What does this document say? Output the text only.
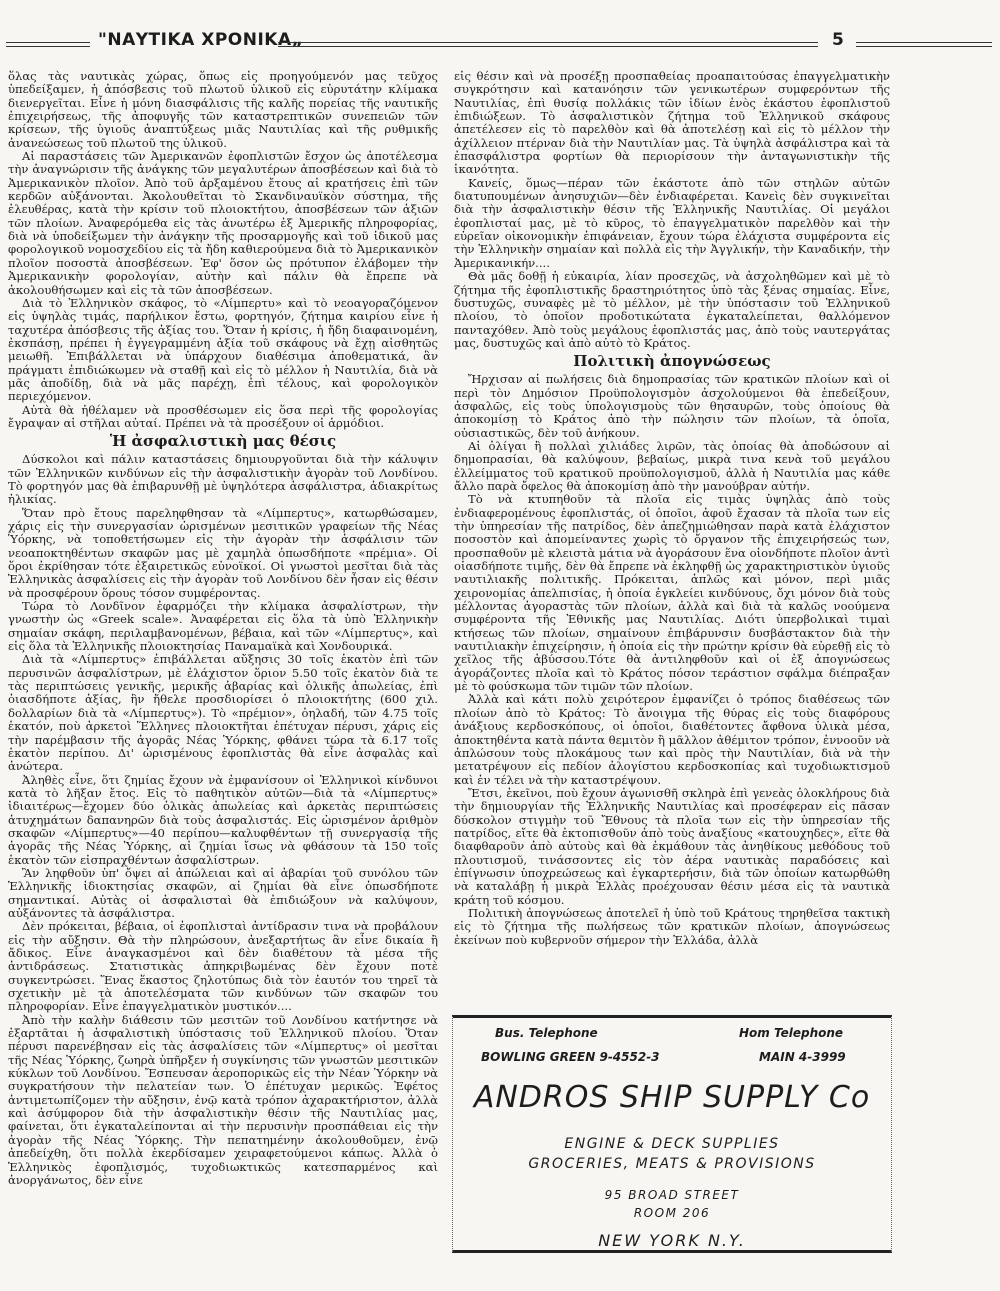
"ΝΑΥΤΙΚΑ ΧΡΟΝΙΚΑ„	5

ὅλας τὰς ναυτικὰς χώρας, ὅπως εἰς προηγούμενόν μας τεῦχος ὑπεδείξαμεν, ἡ ἀπόσβεσις τοῦ πλωτοῦ ὑλικοῦ εἰς εὐρυτάτην κλίμακα διενεργεῖται. Εἶνε ἡ μόνη διασφάλισις τῆς καλῆς πορείας τῆς ναυτικῆς ἐπιχειρήσεως, τῆς ἀποφυγῆς τῶν καταστρεπτικῶν συνεπειῶν τῶν κρίσεων, τῆς ὑγιοῦς ἀναπτύξεως μιᾶς Ναυτιλίας καὶ τῆς ρυθμικῆς ἀνανεώσεως τοῦ πλωτοῦ της ὑλικοῦ.

Αἱ παραστάσεις τῶν Ἀμερικανῶν ἐφοπλιστῶν ἔσχον ὡς ἀποτέλεσμα τὴν ἀναγνώρισιν τῆς ἀνάγκης τῶν μεγαλυτέρων ἀποσβέσεων καὶ διὰ τὸ Ἀμερικανικὸν πλοῖον. Ἀπὸ τοῦ ἀρξαμένου ἔτους αἱ κρατήσεις ἐπὶ τῶν κερδῶν αὐξάνονται. Ἀκολουθεῖται τὸ Σκανδιναυϊκὸν σύστημα, τῆς ἐλευθέρας, κατὰ τὴν κρίσιν τοῦ πλοιοκτήτου, ἀποσβέσεων τῶν ἀξιῶν τῶν πλοίων. Ἀναφερόμεθα εἰς τὰς ἀνωτέρω ἐξ Ἀμερικῆς πληροφορίας, διὰ νὰ ὑποδείξωμεν τὴν ἀνάγκην τῆς προσαρμογῆς καὶ τοῦ ἰδικοῦ μας φορολογικοῦ νομοσχεδίου εἰς τὰ ἤδη καθιερούμενα διὰ τὸ Ἀμερικανικὸν πλοῖον ποσοστὰ ἀποσβέσεων. Ἐφ' ὅσον ὡς πρότυπον ἐλάβομεν τὴν Ἀμερικανικὴν φορολογίαν, αὐτὴν καὶ πάλιν θὰ ἔπρεπε νὰ ἀκολουθήσωμεν καὶ εἰς τὰ τῶν ἀποσβέσεων.

Διὰ τὸ Ἑλληνικὸν σκάφος, τὸ «Λίμπερτυ» καὶ τὸ νεοαγοραζόμενον εἰς ὑψηλὰς τιμάς, παρήλικον ἔστω, φορτηγόν, ζήτημα καιρίου εἶνε ἡ ταχυτέρα ἀπόσβεσις τῆς ἀξίας του. Ὅταν ἡ κρίσις, ἡ ἤδη διαφαινομένη, ἐκσπάσῃ, πρέπει ἡ ἐγγεγραμμένη ἀξία τοῦ σκάφους νὰ ἔχῃ αἰσθητῶς μειωθῆ. Ἐπιβάλλεται νὰ ὑπάρχουν διαθέσιμα ἀποθεματικά, ἂν πράγματι ἐπιδιώκωμεν νὰ σταθῇ καὶ εἰς τὸ μέλλον ἡ Ναυτιλία, διὰ νὰ μᾶς ἀποδίδῃ, διὰ νὰ μᾶς παρέχῃ, ἐπὶ τέλους, καὶ φορολογικὸν περιεχόμενον.

Αὐτὰ θὰ ἠθέλαμεν νὰ προσθέσωμεν εἰς ὅσα περὶ τῆς φορολογίας ἔγραψαν αἱ στῆλαι αὐταί. Πρέπει νὰ τὰ προσέξουν οἱ ἁρμόδιοι.

Ἡ ἀσφαλιστικὴ μας θέσις

Δύσκολοι καὶ πάλιν καταστάσεις δημιουργοῦνται διὰ τὴν κάλυψιν τῶν Ἑλληνικῶν κινδύνων εἰς τὴν ἀσφαλιστικὴν ἀγορὰν τοῦ Λονδίνου. Τὸ φορτηγόν μας θὰ ἐπιβαρυνθῇ μὲ ὑψηλότερα ἀσφάλιστρα, ἀδιακρίτως ἡλικίας.

Ὅταν πρὸ ἔτους παρεληφθησαν τὰ «Λίμπερτυς», κατωρθώσαμεν, χάρις εἰς τὴν συνεργασίαν ὡρισμένων μεσιτικῶν γραφείων τῆς Νέας Ὑόρκης, νὰ τοποθετήσωμεν εἰς τὴν ἀγορὰν τὴν ἀσφάλισιν τῶν νεοαποκτηθέντων σκαφῶν μας μὲ χαμηλὰ ὁπωσδήποτε «πρέμια». Οἱ ὅροι ἐκρίθησαν τότε ἐξαιρετικῶς εὐνοϊκοί. Οἱ γνωστοὶ μεσῖται διὰ τὰς Ἑλληνικὰς ἀσφαλίσεις εἰς τὴν ἀγορὰν τοῦ Λονδίνου δὲν ἦσαν εἰς θέσιν νὰ προσφέρουν ὅρους τόσον συμφέροντας.

Τώρα τὸ Λονδῖνον ἐφαρμόζει τὴν κλίμακα ἀσφαλίστρων, τὴν γνωστὴν ὡς «Greek scale». Ἀναφέρεται εἰς ὅλα τὰ ὑπὸ Ἑλληνικὴν σημαίαν σκάφη, περιλαμβανομένων, βέβαια, καὶ τῶν «Λίμπερτυς», καὶ εἰς ὅλα τὰ Ἑλληνικῆς πλοιοκτησίας Παναμαϊκὰ καὶ Χονδουρικά.

Διὰ τὰ «Λίμπερτυς» ἐπιβάλλεται αὔξησις 30 τοῖς ἑκατὸν ἐπὶ τῶν περυσινῶν ἀσφαλίστρων, μὲ ἐλάχιστον ὅριον 5.50 τοῖς ἑκατὸν διὰ τε τὰς περιπτώσεις γενικῆς, μερικῆς ἀβαρίας καὶ ὁλικῆς ἀπωλείας, ἐπὶ ὁιασδήποτε ἀξίας, ἣν ἤθελε προσδιορίσει ὁ πλοιοκτήτης (600 χιλ. δολλαρίων διὰ τὰ «Λίμπερτυς»). Τὸ «πρέμιον», ὁηλαδή, τῶν 4.75 τοῖς ἑκατόν, ποὺ ἀρκετοὶ Ἕλληνες πλοιοκτῆται ἐπέτυχαν πέρυσι, χάρις εἰς τὴν παρέμβασιν τῆς ἀγορᾶς Νέας Ὑόρκης, φθάνει τώρα τὰ 6.17 τοῖς ἑκατὸν περίπου. Δι' ὡρισμένους ἐφοπλιστὰς θὰ εἶνε ἀσφαλὰς καὶ ἀνώτερα.

Ἀληθὲς εἶνε, ὅτι ζημίας ἔχουν νὰ ἐμφανίσουν οἱ Ἑλληνικοὶ κίνδυνοι κατὰ τὸ λῆξαν ἔτος. Εἰς τὸ παθητικὸν αὐτῶν—διὰ τὰ «Λίμπερτυς» ἰδιαιτέρως—ἔχομεν δύο ὁλικὰς ἀπωλείας καὶ ἀρκετὰς περιπτώσεις ἀτυχημάτων δαπανηρῶν διὰ τοὺς ἀσφαλιστάς. Εἰς ὡρισμένον ἀριθμὸν σκαφῶν «Λίμπερτυς»—40 περίπου—καλυφθέντων τῇ συνεργασίᾳ τῆς ἀγορᾶς τῆς Νέας Ὑόρκης, αἱ ζημίαι ἴσως νὰ φθάσουν τὰ 150 τοῖς ἑκατὸν τῶν εἰσπραχθέντων ἀσφαλίστρων.

Ἂν ληφθοῦν ὑπ' ὄψει αἱ ἀπώλειαι καὶ αἱ ἀβαρίαι τοῦ συνόλου τῶν Ἑλληνικῆς ἰδιοκτησίας σκαφῶν, αἱ ζημίαι θὰ εἶνε ὁπωσδήποτε σημαντικαί. Αὐτὰς οἱ ἀσφαλισταὶ θὰ ἐπιδιώξουν νὰ καλύψουν, αὐξάνοντες τὰ ἀσφάλιστρα.

Δὲν πρόκειται, βέβαια, οἱ ἐφοπλισταὶ ἀντίδρασιν τινα νὰ προβάλουν εἰς τὴν αὔξησιν. Θὰ τὴν πληρώσουν, ἀνεξαρτήτως ἂν εἶνε δικαία ἢ ἄδικος. Εἶνε ἀναγκασμένοι καὶ δὲν διαθέτουν τὰ μέσα τῆς ἀντιδράσεως. Στατιστικὰς ἀπηκριβωμένας δὲν ἔχουν ποτὲ συγκεντρώσει. Ἕνας ἕκαστος ζηλοτύπως διὰ τὸν ἑαυτόν του τηρεῖ τὰ σχετικὴν μὲ τὰ ἀποτελέσματα τῶν κινδύνων τῶν σκαφῶν του πληροφορίαν. Εἶνε ἐπαγγελματικὸν μυστικόν....

Ἀπὸ τὴν καλὴν διάθεσιν τῶν μεσιτῶν τοῦ Λονδίνου κατήντησε νὰ ἐξαρτᾶται ἡ ἀσφαλιστικὴ ὑπόστασις τοῦ Ἑλληνικοῦ πλοίου. Ὅταν πέρυσι παρενέβησαν εἰς τὰς ἀσφαλίσεις τῶν «Λίμπερτυς» οἱ μεσῖται τῆς Νέας Ὑόρκης, ζωηρὰ ὑπῆρξεν ἡ συγκίνησις τῶν γνωστῶν μεσιτικῶν κύκλων τοῦ Λονδίνου. Ἔσπευσαν ἀεροπορικῶς εἰς τὴν Νέαν Ὑόρκην νὰ συγκρατήσουν τὴν πελατείαν των. Ὁ ἐπέτυχαν μερικῶς. Ἐφέτος ἀντιμετωπίζομεν τὴν αὔξησιν, ἐνῷ κατὰ τρόπον ἀχαρακτήριστον, ἀλλὰ καὶ ἀσύμφορον διὰ τὴν ἀσφαλιστικὴν θέσιν τῆς Ναυτιλίας μας, φαίνεται, ὅτι ἐγκαταλείπονται αἱ τὴν περυσινὴν προσπάθειαι εἰς τὴν ἀγορὰν τῆς Νέας Ὑόρκης. Τὴν πεπατημένην ἀκολουθοῦμεν, ἐνῷ ἀπεδείχθη, ὅτι πολλὰ ἐκερδίσαμεν χειραφετούμενοι κάπως. Ἀλλὰ ὁ Ἑλληνικὸς ἐφοπλισμός, τυχοδιωκτικῶς κατεσπαρμένος καὶ ἀνοργάνωτος, δὲν εἶνε

εἰς θέσιν καὶ νὰ προσέξῃ προσπαθείας προαπαιτούσας ἐπαγγελματικὴν συγκρότησιν καὶ κατανόησιν τῶν γενικωτέρων συμφερόντων τῆς Ναυτιλίας, ἐπὶ θυσίᾳ πολλάκις τῶν ἰδίων ἑνὸς ἑκάστου ἐφοπλιστοῦ ἐπιδιώξεων. Τὸ ἀσφαλιστικὸν ζήτημα τοῦ Ἑλληνικοῦ σκάφους ἀπετέλεσεν εἰς τὸ παρελθὸν καὶ θὰ ἀποτελέσῃ καὶ εἰς τὸ μέλλον τὴν ἀχίλλειον πτέρναν διὰ τὴν Ναυτιλίαν μας. Τὰ ὑψηλὰ ἀσφάλιστρα καὶ τὰ ἐπασφάλιστρα φορτίων θὰ περιορίσουν τὴν ἀνταγωνιστικὴν τῆς ἱκανότητα.

Κανείς, ὅμως—πέραν τῶν ἑκάστοτε ἀπὸ τῶν στηλῶν αὐτῶν διατυπουμένων ἀνησυχιῶν—δὲν ἐνδιαφέρεται. Κανεὶς δὲν συγκινεῖται διὰ τὴν ἀσφαλιστικὴν θέσιν τῆς Ἑλληνικῆς Ναυτιλίας. Οἱ μεγάλοι ἐφοπλισταί μας, μὲ τὸ κῦρος, τὸ ἐπαγγελματικὸν παρελθὸν καὶ τὴν εὐρεῖαν οἰκονομικὴν ἐπιφάνειαν, ἔχουν τώρα ἐλάχιστα συμφέροντα εἰς τὴν Ἑλληνικὴν σημαίαν καὶ πολλὰ εἰς τὴν Ἀγγλικήν, τὴν Καναδικήν, τὴν Ἀμερικανικήν....

Θὰ μᾶς δοθῇ ἡ εὐκαιρία, λίαν προσεχῶς, νὰ ἀσχοληθῶμεν καὶ μὲ τὸ ζήτημα τῆς ἐφοπλιστικῆς δραστηριότητος ὑπὸ τὰς ξένας σημαίας. Εἶνε, δυστυχῶς, συναφὲς μὲ τὸ μέλλον, μὲ τὴν ὑπόστασιν τοῦ Ἑλληνικοῦ πλοίου, τὸ ὁποῖον προδοτικώτατα ἐγκαταλείπεται, θαλλόμενον πανταχόθεν. Ἀπὸ τοὺς μεγάλους ἐφοπλιστάς μας, ἀπὸ τοὺς ναυτεργάτας μας, δυστυχῶς καὶ ἀπὸ αὐτὸ τὸ Κράτος.

Πολιτικὴ ἀπογνώσεως

Ἤρχισαν αἱ πωλήσεις διὰ δημοπρασίας τῶν κρατικῶν πλοίων καὶ οἱ περὶ τὸν Δημόσιον Προϋπολογισμὸν ἀσχολούμενοι θὰ ἐπεδείξουν, ἀσφαλῶς, εἰς τοὺς ὑπολογισμοὺς τῶν θησαυρῶν, τοὺς ὁποίους θὰ ἀποκομίσῃ τὸ Κράτος ἀπὸ τὴν πώλησιν τῶν πλοίων, τὰ ὁποῖα, οὐσιαστικῶς, δὲν τοῦ ἀνήκουν.

Αἱ ὀλίγαι ἢ πολλαὶ χιλιάδες λιρῶν, τὰς ὁποίας θὰ ἀποδώσουν αἱ δημοπρασίαι, θὰ καλύψουν, βεβαίως, μικρὰ τινα κενὰ τοῦ μεγάλου ἐλλείμματος τοῦ κρατικοῦ προϋπολογισμοῦ, ἀλλὰ ἡ Ναυτιλία μας κάθε ἄλλο παρὰ ὄφελος θὰ ἀποκομίσῃ ἀπὸ τὴν μανούβραν αὐτήν.

Τὸ νὰ κτυπηθοῦν τὰ πλοῖα εἰς τιμὰς ὑψηλὰς ἀπὸ τοὺς ἐνδιαφερομένους ἐφοπλιστάς, οἱ ὁποῖοι, ἀφοῦ ἔχασαν τὰ πλοῖα των εἰς τὴν ὑπηρεσίαν τῆς πατρίδος, δὲν ἀπεζημιώθησαν παρὰ κατὰ ἐλάχιστον ποσοστὸν καὶ ἀπομείναντες χωρὶς τὸ ὄργανον τῆς ἐπιχειρήσεώς των, προσπαθοῦν μὲ κλειστὰ μάτια νὰ ἀγοράσουν ἕνα οἱονδήποτε πλοῖον ἀντὶ οἱασδήποτε τιμῆς, δὲν θὰ ἔπρεπε νὰ ἐκληφθῇ ὡς χαρακτηριστικὸν ὑγιοῦς ναυτιλιακῆς πολιτικῆς. Πρόκειται, ἁπλῶς καὶ μόνον, περὶ μιᾶς χειρονομίας ἀπελπισίας, ἡ ὁποία ἐγκλείει κινδύνους, ὄχι μόνον διὰ τοὺς μέλλοντας ἀγοραστὰς τῶν πλοίων, ἀλλὰ καὶ διὰ τὰ καλῶς νοούμενα συμφέροντα τῆς Ἐθνικῆς μας Ναυτιλίας. Διότι ὑπερβολικαὶ τιμαὶ κτήσεως τῶν πλοίων, σημαίνουν ἐπιβάρυνσιν δυσβάστακτον διὰ τὴν ναυτιλιακὴν ἐπιχείρησιν, ἡ ὁποία εἰς τὴν πρώτην κρίσιν θὰ εὑρεθῇ εἰς τὸ χεῖλος τῆς ἀβύσσου.Τότε θὰ ἀντιληφθοῦν καὶ οἱ ἐξ ἀπογνώσεως ἀγοράζοντες πλοῖα καὶ τὸ Κράτος πόσον τεράστιον σφάλμα διέπραξαν μὲ τὸ φούσκωμα τῶν τιμῶν τῶν πλοίων.

Ἀλλὰ καὶ κάτι πολὺ χειρότερον ἐμφανίζει ὁ τρόπος διαθέσεως τῶν πλοίων ἀπὸ τὸ Κράτος: Τὸ ἄνοιγμα τῆς θύρας εἰς τοὺς διαφόρους ἀνάξιους κερδοσκόπους, οἱ ὁποῖοι, διαθέτοντες ἄφθονα ὑλικὰ μέσα, ἀποκτηθέντα κατὰ πάντα θεμιτὸν ἢ μᾶλλον ἀθέμιτον τρόπον, ἐννοοῦν νὰ ἁπλώσουν τοὺς πλοκάμους των καὶ πρὸς τὴν Ναυτιλίαν, διὰ νὰ τὴν μετατρέψουν εἰς πεδίον ἀλογίστου κερδοσκοπίας καὶ τυχοδιωκτισμοῦ καὶ ἐν τέλει νὰ τὴν καταστρέψουν.

Ἔτσι, ἐκεῖνοι, ποὺ ἔχουν ἀγωνισθῆ σκληρὰ ἐπὶ γενεὰς ὁλοκλήρους διὰ τὴν δημιουργίαν τῆς Ἑλληνικῆς Ναυτιλίας καὶ προσέφεραν εἰς πᾶσαν δύσκολον στιγμὴν τοῦ Ἔθνους τὰ πλοῖα των εἰς τὴν ὑπηρεσίαν τῆς πατρίδος, εἴτε θὰ ἐκτοπισθοῦν ἀπὸ τοὺς ἀναξίους «κατουχηδες», εἴτε θὰ διαφθαροῦν ἀπὸ αὐτοὺς καὶ θὰ ἐκμάθουν τὰς ἀνηθίκους μεθόδους τοῦ πλουτισμοῦ, τινάσσοντες εἰς τὸν ἀέρα ναυτικὰς παραδόσεις καὶ ἐπίγνωσιν ὑποχρεώσεως καὶ ἐγκαρτερήσιν, διὰ τῶν ὁποίων κατωρθώθη νὰ καταλάβῃ ἡ μικρὰ Ἑλλὰς προέχουσαν θέσιν μέσα εἰς τὰ ναυτικὰ κράτη τοῦ κόσμου.

Πολιτικὴ ἀπογνώσεως ἀποτελεῖ ἡ ὑπὸ τοῦ Κράτους τηρηθεῖσα τακτικὴ εἰς τὸ ζήτημα τῆς πωλήσεως τῶν κρατικῶν πλοίων, ἀπογνώσεως ἐκείνων ποὺ κυβερνοῦν σήμερον τὴν Ἑλλάδα, ἀλλὰ

Bus. Telephone	Hom Telephone
BOWLING GREEN 9-4552-3	MAIN 4-3999
ANDROS SHIP SUPPLY Co
ENGINE & DECK SUPPLIES
GROCERIES, MEATS & PROVISIONS
95 BROAD STREET
ROOM 206
NEW YORK N.Y.
